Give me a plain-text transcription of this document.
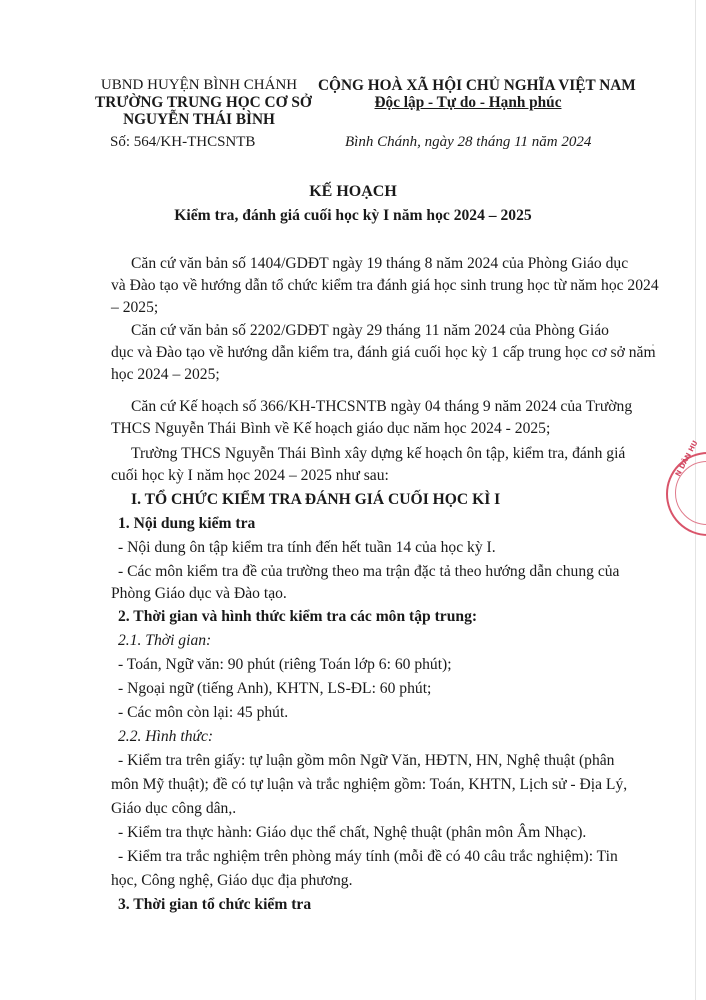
UBND HUYỆN BÌNH CHÁNH
TRƯỜNG TRUNG HỌC CƠ SỞ
NGUYỄN THÁI BÌNH
Số: 564/KH-THCSNTB
CỘNG HOÀ XÃ HỘI CHỦ NGHĨA VIỆT NAM
Độc lập - Tự do - Hạnh phúc
Bình Chánh, ngày 28 tháng 11 năm 2024
KẾ HOẠCH
Kiểm tra, đánh giá cuối học kỳ I năm học 2024 – 2025
Căn cứ văn bản số 1404/GDĐT ngày 19 tháng 8 năm 2024 của Phòng Giáo dục
và Đào tạo về hướng dẫn tổ chức kiểm tra đánh giá học sinh trung học từ năm học 2024
– 2025;
Căn cứ văn bản số 2202/GDĐT ngày 29 tháng 11 năm 2024 của Phòng Giáo
dục và Đào tạo về hướng dẫn kiểm tra, đánh giá cuối học kỳ 1 cấp trung học cơ sở năm
học 2024 – 2025;
Căn cứ Kế hoạch số 366/KH-THCSNTB ngày 04 tháng 9 năm 2024 của Trường
THCS Nguyễn Thái Bình về Kế hoạch giáo dục năm học 2024 - 2025;
Trường THCS Nguyễn Thái Bình xây dựng kế hoạch ôn tập, kiểm tra, đánh giá
cuối học kỳ I năm học 2024 – 2025 như sau:
I. TỔ CHỨC KIỂM TRA ĐÁNH GIÁ CUỐI HỌC KÌ I
1. Nội dung kiểm tra
- Nội dung ôn tập kiểm tra tính đến hết tuần 14 của học kỳ I.
- Các môn kiểm tra đề của trường theo ma trận đặc tả theo hướng dẫn chung của
Phòng Giáo dục và Đào tạo.
2. Thời gian và hình thức kiểm tra các môn tập trung:
2.1. Thời gian:
- Toán, Ngữ văn: 90 phút (riêng Toán lớp 6: 60 phút);
- Ngoại ngữ (tiếng Anh), KHTN, LS-ĐL: 60 phút;
- Các môn còn lại: 45 phút.
2.2. Hình thức:
- Kiểm tra trên giấy: tự luận gồm môn Ngữ Văn, HĐTN, HN, Nghệ thuật (phân
môn Mỹ thuật); đề có tự luận và trắc nghiệm gồm: Toán, KHTN, Lịch sử - Địa Lý,
Giáo dục công dân,.
- Kiểm tra thực hành: Giáo dục thể chất, Nghệ thuật (phân môn Âm Nhạc).
- Kiểm tra trắc nghiệm trên phòng máy tính (mỗi đề có 40 câu trắc nghiệm): Tin
học, Công nghệ, Giáo dục địa phương.
3. Thời gian tổ chức kiểm tra
N DÂN HU
